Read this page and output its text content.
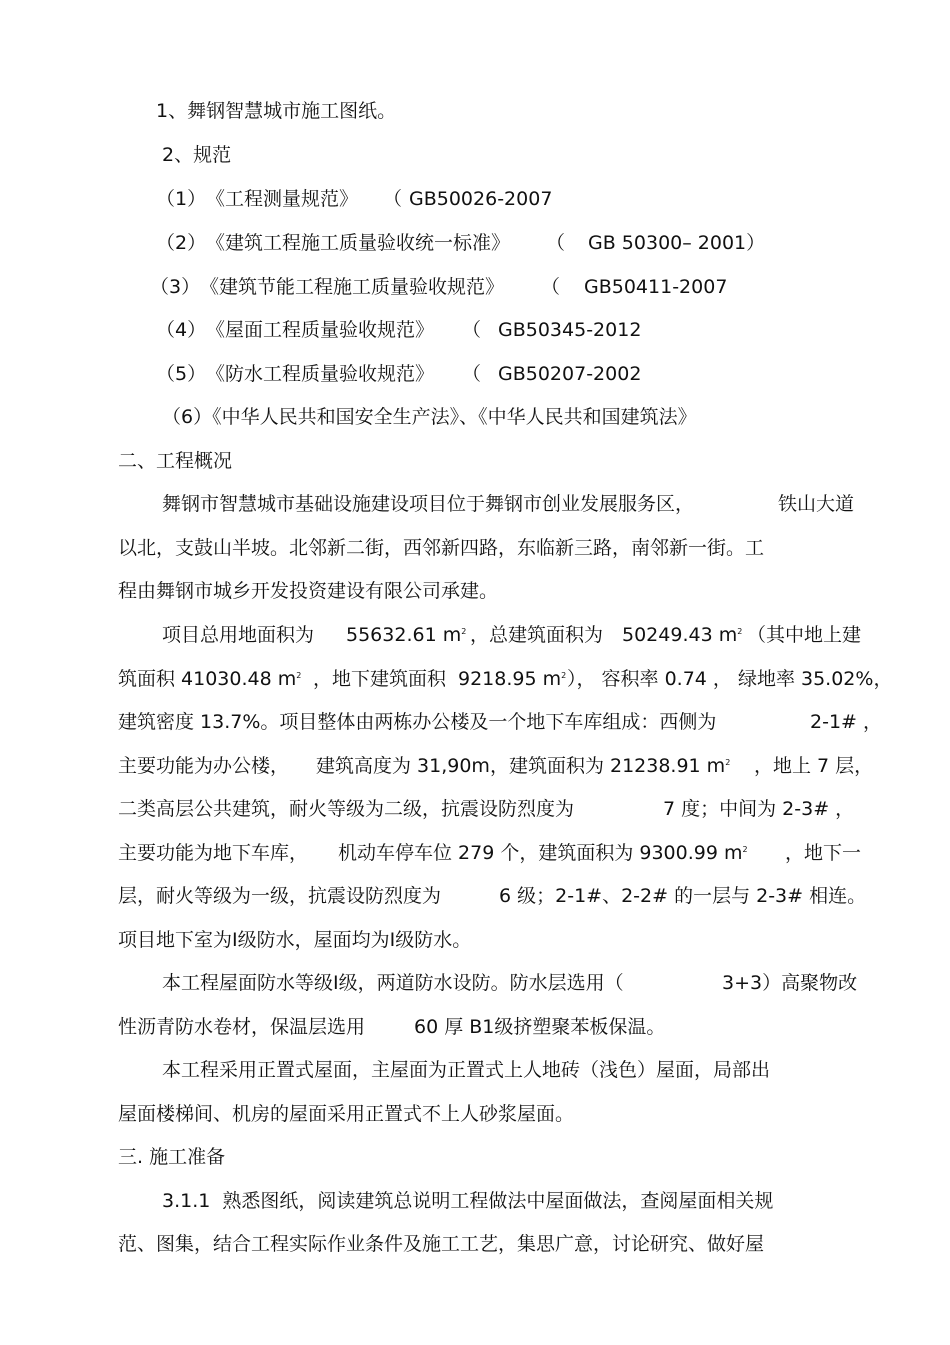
1、舞钢智慧城市施工图纸。
2、规范
（1） 《工程测量规范》 （ GB50026-2007
（2） 《建筑工程施工质量验收统一标准》 （ GB 50300– 2001）
（3） 《建筑节能工程施工质量验收规范》 （ GB50411-2007
（4） 《屋面工程质量验收规范》 （ GB50345-2012
（5） 《防水工程质量验收规范》 （ GB50207-2002
（6）《中华人民共和国安全生产法》、《中华人民共和国建筑法》
二、工程概况
舞钢市智慧城市基础设施建设项目位于舞钢市创业发展服务区，	铁山大道
以北，支鼓山半坡。北邻新二街，西邻新四路，东临新三路，南邻新一街。工
程由舞钢市城乡开发投资建设有限公司承建。
项目总用地面积为 55632.61 $m^2$ ，总建筑面积为 50249.43 $m^2$ （其中地上建
筑面积 41030.48 $m^2$ ，地下建筑面积 9218.95 $m^2$ ）， 容积率 0.74 ， 绿地率 35.02%，
建筑密度 13.7%。项目整体由两栋办公楼及一个地下车库组成：西侧为	2-1# ，
主要功能为办公楼， 建筑高度为 31,90m，建筑面积为 21238.91 $m^2$ ，地上 7 层，
二类高层公共建筑，耐火等级为二级，抗震设防烈度为	7 度；中间为 2-3# ，
主要功能为地下车库， 机动车停车位 279 个，建筑面积为 9300.99 $m^2$ ，地下一
层，耐火等级为一级，抗震设防烈度为	6 级；2-1#、2-2# 的一层与 2-3# 相连。
项目地下室为Ⅰ级防水，屋面均为Ⅰ级防水。
本工程屋面防水等级Ⅰ级，两道防水设防。防水层选用（	3+3）高聚物改
性沥青防水卷材，保温层选用	60 厚 B1级挤塑聚苯板保温。
本工程采用正置式屋面，主屋面为正置式上人地砖（浅色）屋面，局部出
屋面楼梯间、机房的屋面采用正置式不上人砂浆屋面。
三. 施工准备
3.1.1  熟悉图纸，阅读建筑总说明工程做法中屋面做法，查阅屋面相关规
范、图集，结合工程实际作业条件及施工工艺，集思广意，讨论研究、做好屋
